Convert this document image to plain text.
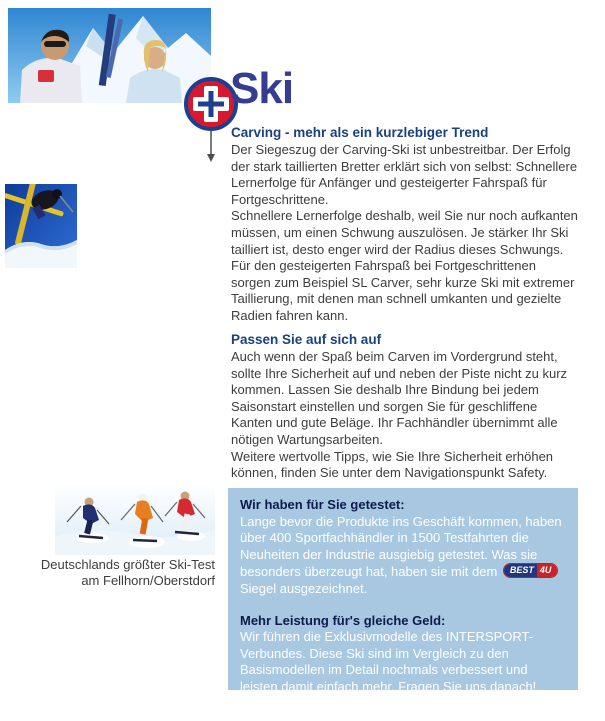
Ski

Carving - mehr als ein kurzlebiger Trend

Der Siegeszug der Carving-Ski ist unbestreitbar. Der Erfolg der stark taillierten Bretter erklärt sich von selbst: Schnellere Lernerfolge für Anfänger und gesteigerter Fahrspaß für Fortgeschrittene.

Schnellere Lernerfolge deshalb, weil Sie nur noch aufkanten müssen, um einen Schwung auszulösen. Je stärker Ihr Ski tailliert ist, desto enger wird der Radius dieses Schwungs.

Für den gesteigerten Fahrspaß bei Fortgeschrittenen sorgen zum Beispiel SL Carver, sehr kurze Ski mit extremer Taillierung, mit denen man schnell umkanten und gezielte Radien fahren kann.

Passen Sie auf sich auf

Auch wenn der Spaß beim Carven im Vordergrund steht, sollte Ihre Sicherheit auf und neben der Piste nicht zu kurz kommen. Lassen Sie deshalb Ihre Bindung bei jedem Saisonstart einstellen und sorgen Sie für geschliffene Kanten und gute Beläge. Ihr Fachhändler übernimmt alle nötigen Wartungsarbeiten.

Weitere wertvolle Tipps, wie Sie Ihre Sicherheit erhöhen können, finden Sie unter dem Navigationspunkt Safety.

Deutschlands größter Ski-Test
am Fellhorn/Oberstdorf

Wir haben für Sie getestet:

Lange bevor die Produkte ins Geschäft kommen, haben über 400 Sportfachhändler in 1500 Testfahrten die Neuheiten der Industrie ausgiebig getestet. Was sie besonders überzeugt hat, haben sie mit dem BEST 4U Siegel ausgezeichnet.

Mehr Leistung für's gleiche Geld:

Wir führen die Exklusivmodelle des INTERSPORT-Verbundes. Diese Ski sind im Vergleich zu den Basismodellen im Detail nochmals verbessert und leisten damit einfach mehr. Fragen Sie uns danach!
